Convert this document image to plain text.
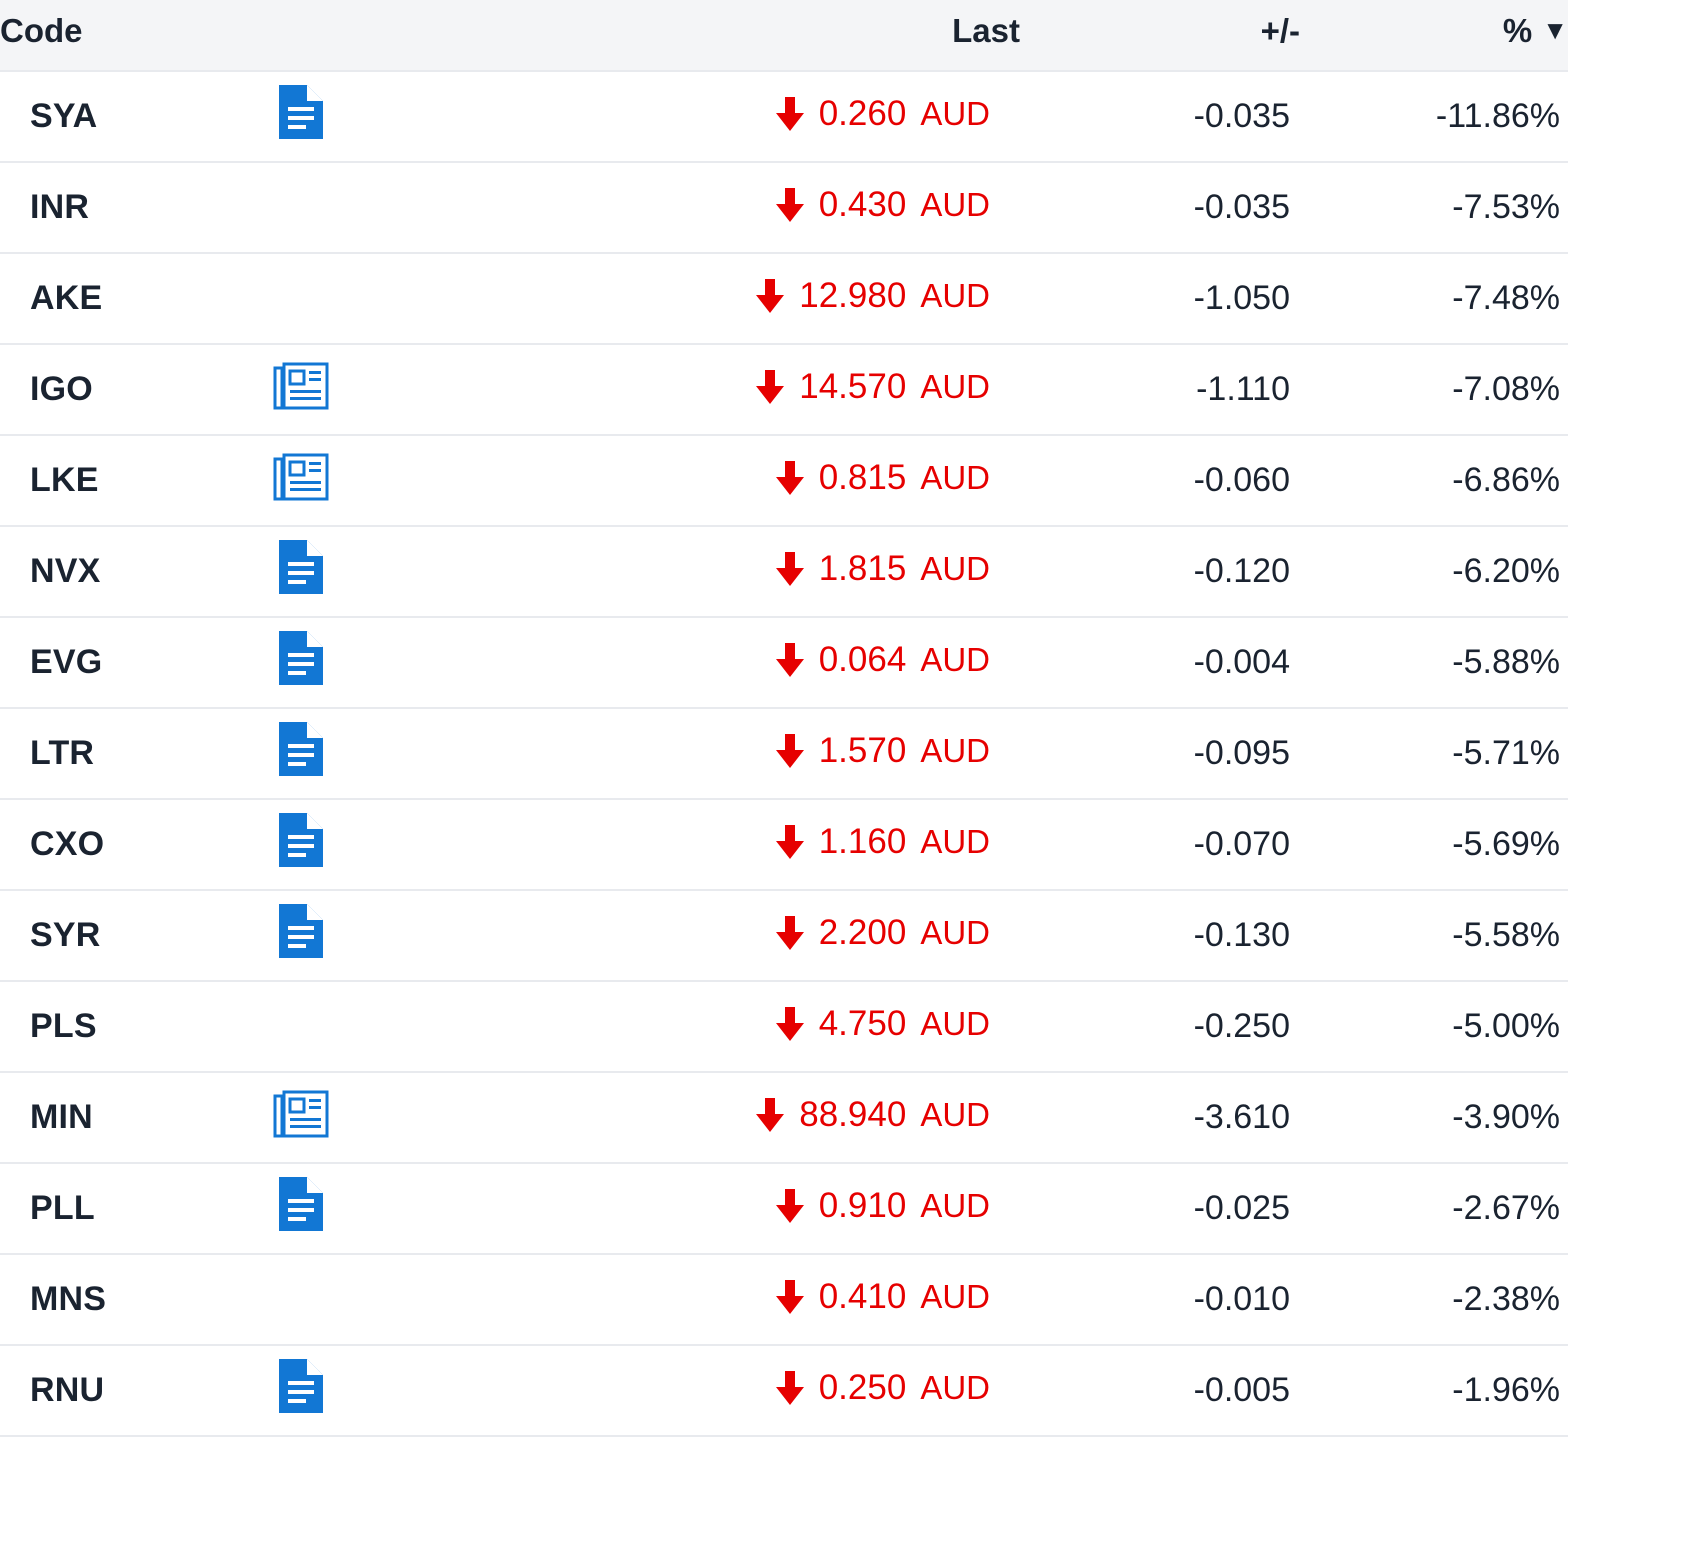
Code		Last	+/-	% ▼
SYA		0.260 AUD	-0.035	-11.86%
INR		0.430 AUD	-0.035	-7.53%
AKE		12.980 AUD	-1.050	-7.48%
IGO		14.570 AUD	-1.110	-7.08%
LKE		0.815 AUD	-0.060	-6.86%
NVX		1.815 AUD	-0.120	-6.20%
EVG		0.064 AUD	-0.004	-5.88%
LTR		1.570 AUD	-0.095	-5.71%
CXO		1.160 AUD	-0.070	-5.69%
SYR		2.200 AUD	-0.130	-5.58%
PLS		4.750 AUD	-0.250	-5.00%
MIN		88.940 AUD	-3.610	-3.90%
PLL		0.910 AUD	-0.025	-2.67%
MNS		0.410 AUD	-0.010	-2.38%
RNU		0.250 AUD	-0.005	-1.96%
